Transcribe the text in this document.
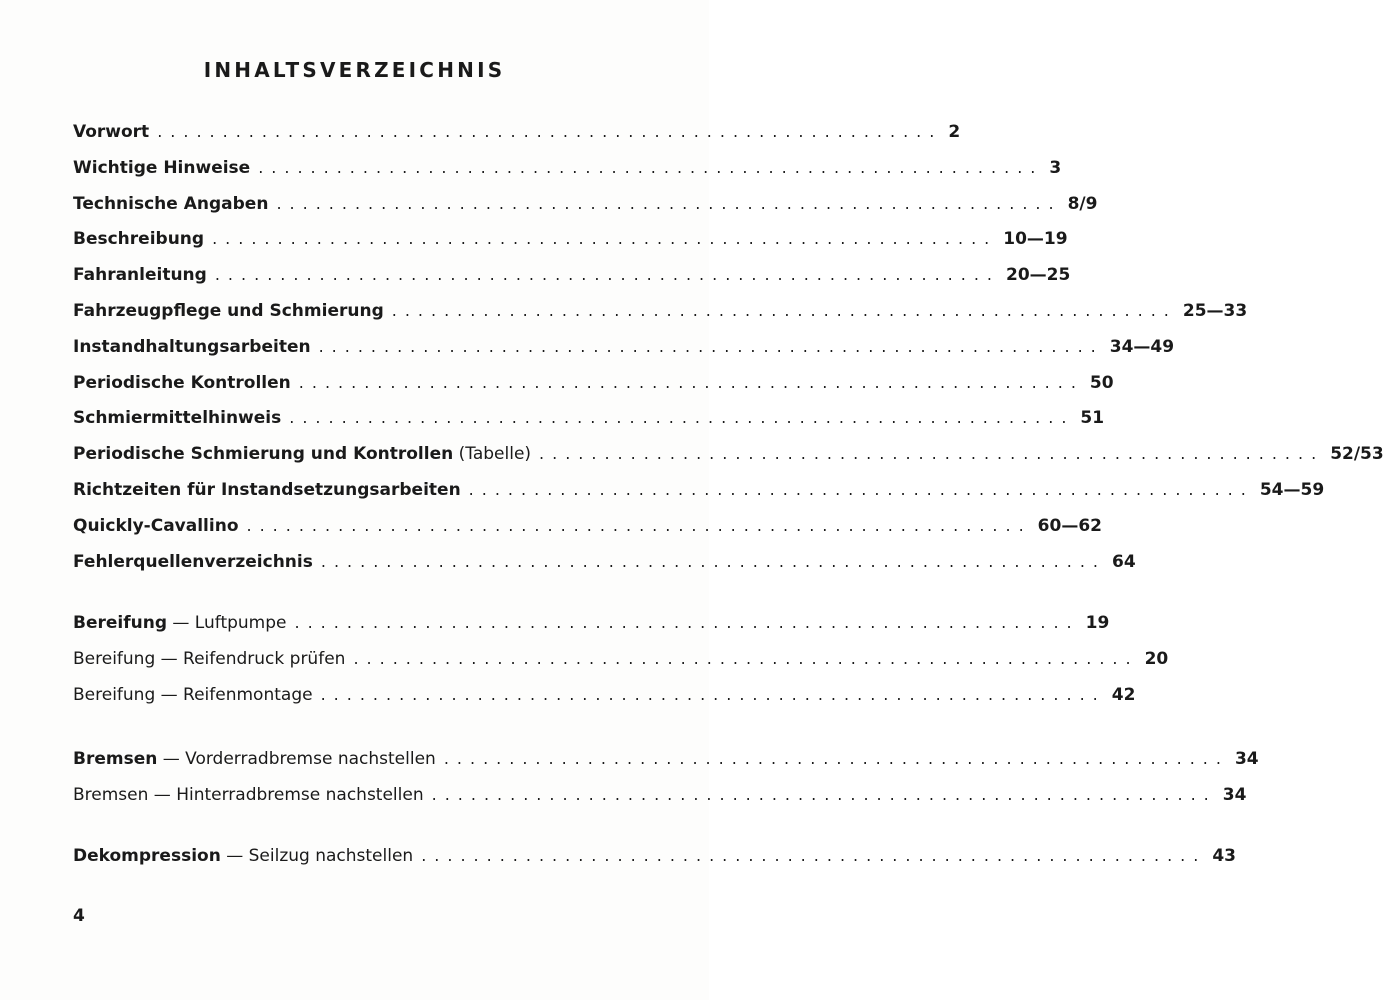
INHALTSVERZEICHNIS
Vorwort ............................................................ 2
Wichtige Hinweise ............................................................ 3
Technische Angaben ............................................................ 8/9
Beschreibung ............................................................ 10—19
Fahranleitung ............................................................ 20—25
Fahrzeugpflege und Schmierung ............................................................ 25—33
Instandhaltungsarbeiten ............................................................ 34—49
Periodische Kontrollen ............................................................ 50
Schmiermittelhinweis ............................................................ 51
Periodische Schmierung und Kontrollen (Tabelle) ............................................................ 52/53
Richtzeiten für Instandsetzungsarbeiten ............................................................ 54—59
Quickly-Cavallino ............................................................ 60—62
Fehlerquellenverzeichnis ............................................................ 64
Bereifung — Luftpumpe ............................................................ 19
Bereifung — Reifendruck prüfen ............................................................ 20
Bereifung — Reifenmontage ............................................................ 42
Bremsen — Vorderradbremse nachstellen ............................................................ 34
Bremsen — Hinterradbremse nachstellen ............................................................ 34
Dekompression — Seilzug nachstellen ............................................................ 43
4
